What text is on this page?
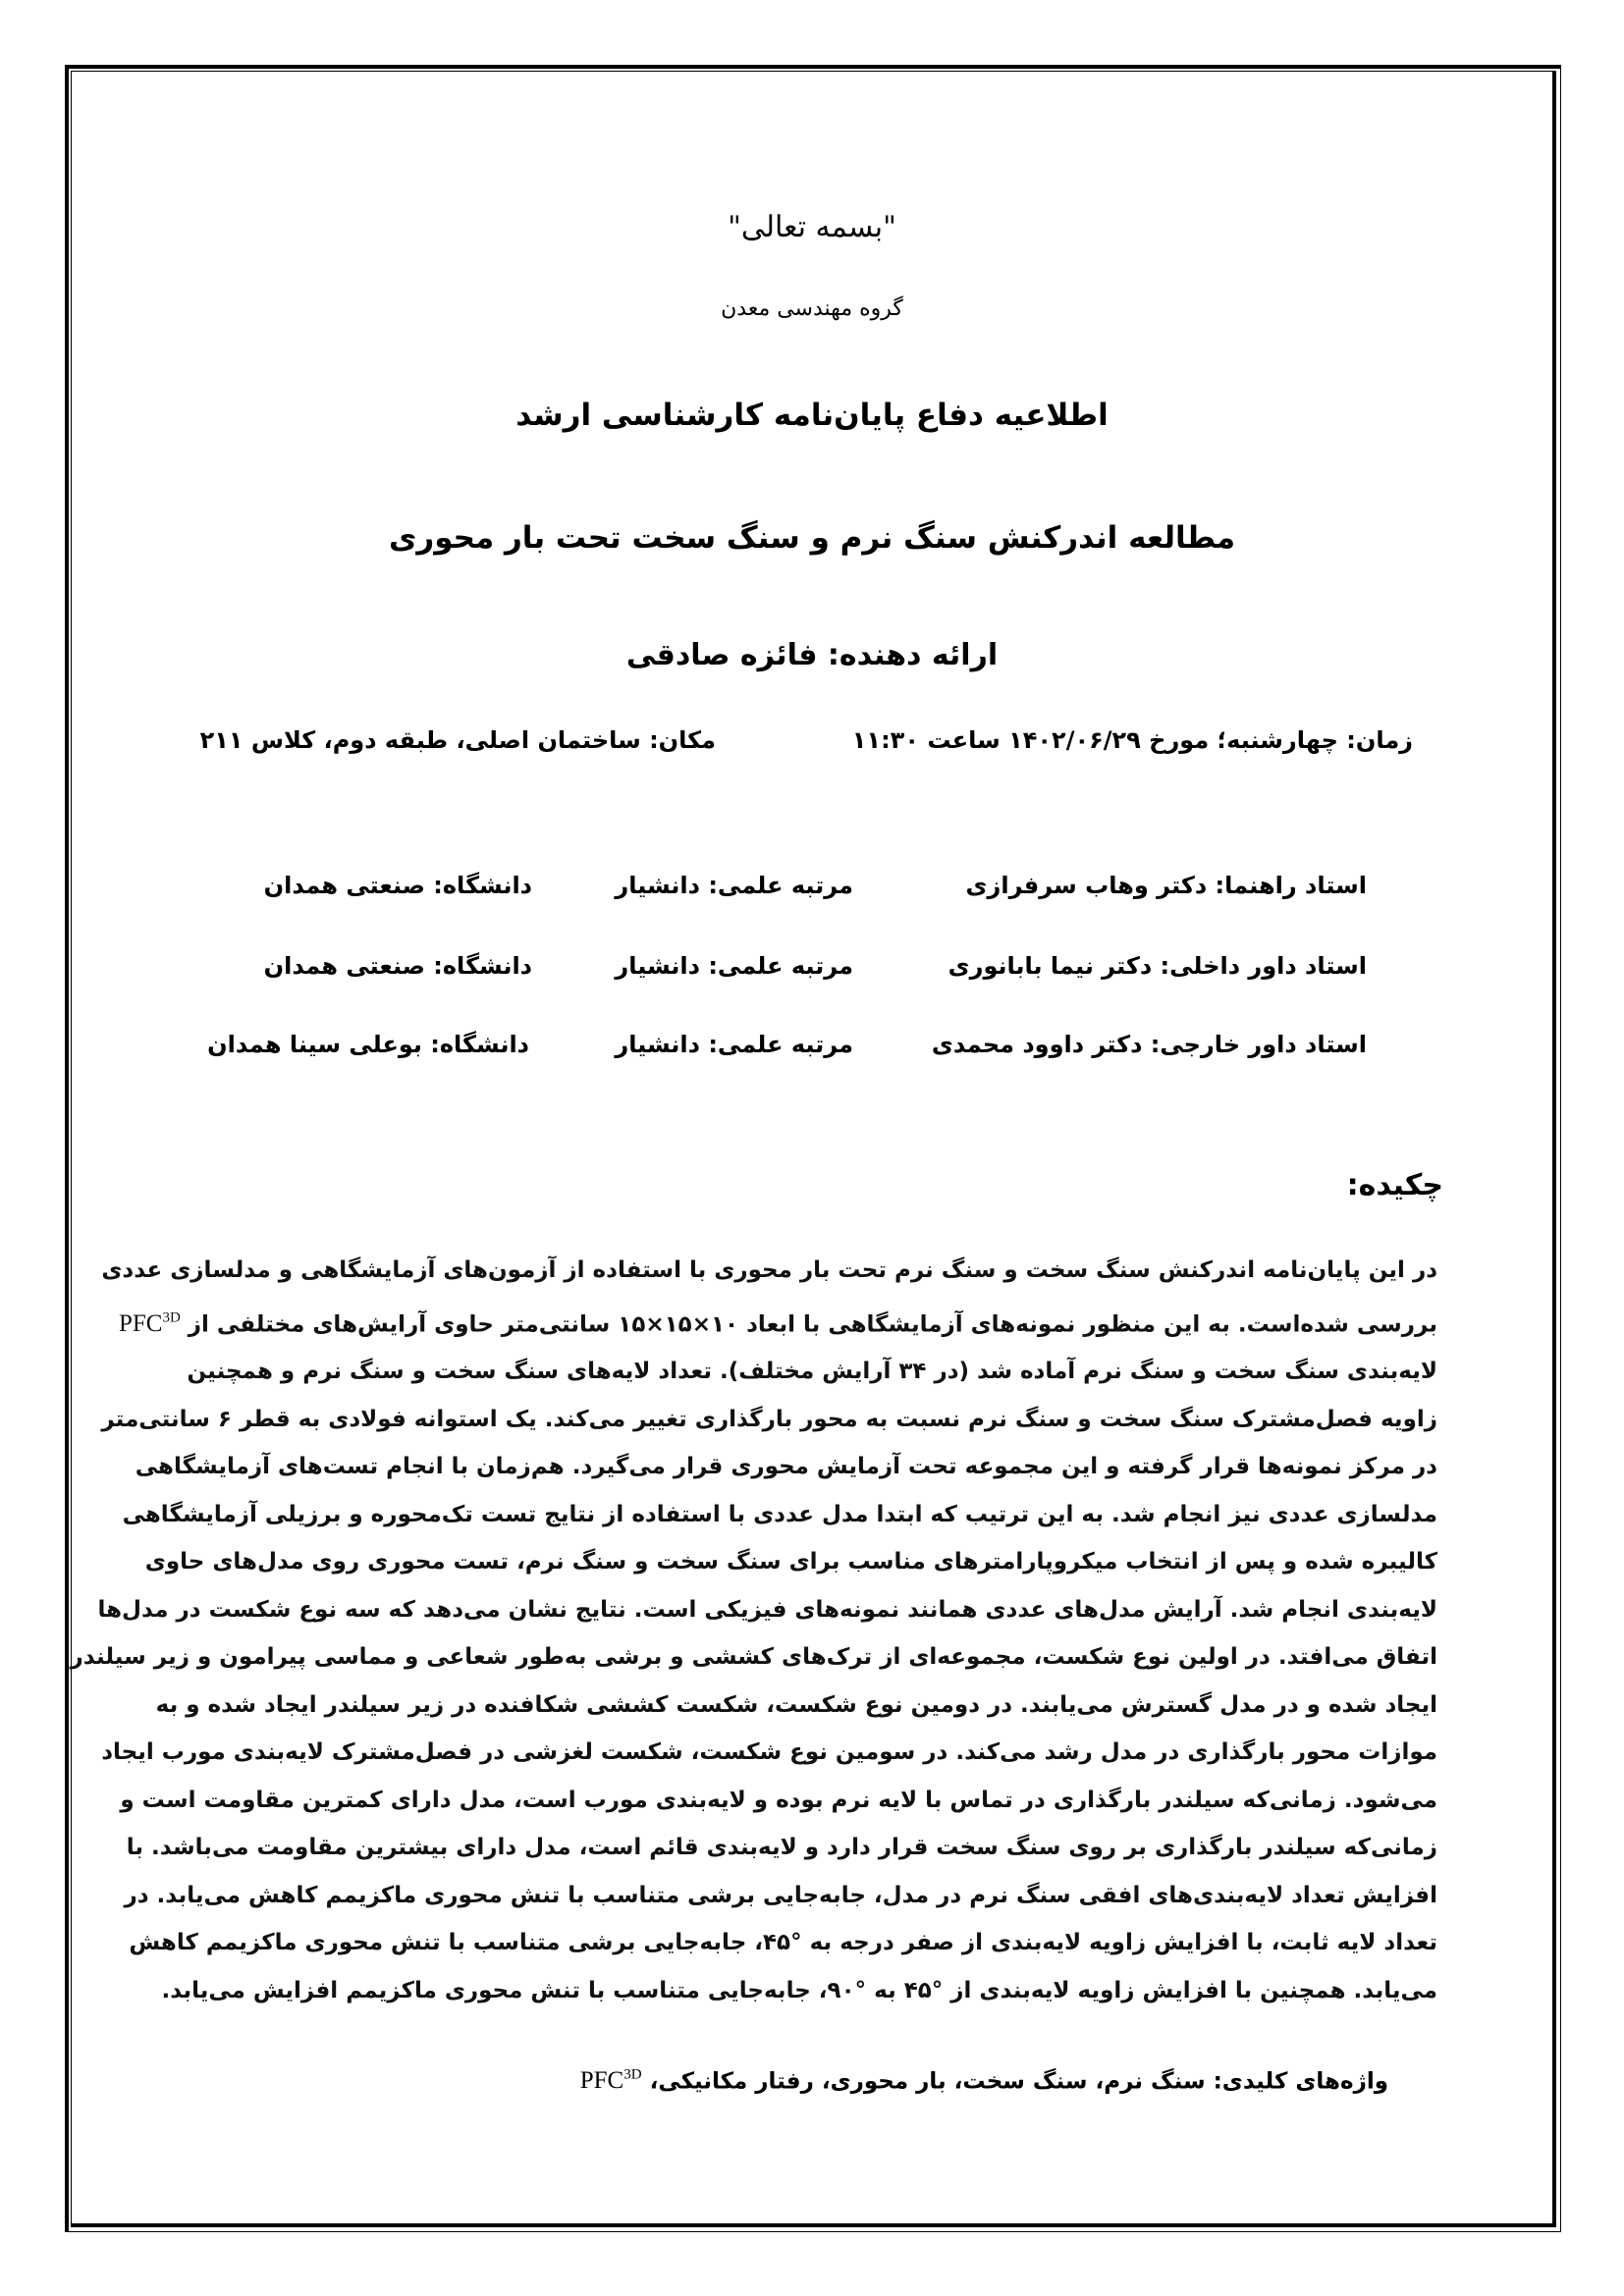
"بسمه تعالی"
گروه مهندسی معدن
اطلاعیه دفاع پایان‌نامه کارشناسی ارشد
مطالعه اندرکنش سنگ نرم و سنگ سخت تحت بار محوری
ارائه دهنده: فائزه صادقی
زمان: چهارشنبه؛ مورخ ۱۴۰۲/۰۶/۲۹ ساعت ۱۱:۳۰
مکان: ساختمان اصلی، طبقه دوم، کلاس ۲۱۱
استاد راهنما: دکتر وهاب سرفرازی
مرتبه علمی: دانشیار
دانشگاه: صنعتی همدان
استاد داور داخلی: دکتر نیما بابانوری
مرتبه علمی: دانشیار
دانشگاه: صنعتی همدان
استاد داور خارجی: دکتر داوود محمدی
مرتبه علمی: دانشیار
دانشگاه: بوعلی سینا همدان
چکیده:
در این پایان‌نامه اندرکنش سنگ سخت و سنگ نرم تحت بار محوری با استفاده از آزمون‌های آزمایشگاهی و مدلسازی عددی
بررسی شده‌است. به این منظور نمونه‌های آزمایشگاهی با ابعاد ۱۰×۱۵×۱۵ سانتی‌متر حاوی آرایش‌های مختلفی از $PFC^{3D}$
لایه‌بندی سنگ سخت و سنگ نرم آماده شد (در ۳۴ آرایش مختلف). تعداد لایه‌های سنگ سخت و سنگ نرم و همچنین
زاویه فصل‌مشترک سنگ سخت و سنگ نرم نسبت به محور بارگذاری تغییر می‌کند. یک استوانه فولادی به قطر ۶ سانتی‌متر
در مرکز نمونه‌ها قرار گرفته و این مجموعه تحت آزمایش محوری قرار می‌گیرد. هم‌زمان با انجام تست‌های آزمایشگاهی
مدلسازی عددی نیز انجام شد. به این ترتیب که ابتدا مدل عددی با استفاده از نتایج تست تک‌محوره و برزیلی آزمایشگاهی
کالیبره شده و پس از انتخاب میکروپارامترهای مناسب برای سنگ سخت و سنگ نرم، تست محوری روی مدل‌های حاوی
لایه‌بندی انجام شد. آرایش مدل‌های عددی همانند نمونه‌های فیزیکی است. نتایج نشان می‌دهد که سه نوع شکست در مدل‌ها
اتفاق می‌افتد. در اولین نوع شکست، مجموعه‌ای از ترک‌های کششی و برشی به‌طور شعاعی و مماسی پیرامون و زیر سیلندر
ایجاد شده و در مدل گسترش می‌یابند. در دومین نوع شکست، شکست کششی شکافنده در زیر سیلندر ایجاد شده و به
موازات محور بارگذاری در مدل رشد می‌کند. در سومین نوع شکست، شکست لغزشی در فصل‌مشترک لایه‌بندی مورب ایجاد
می‌شود. زمانی‌که سیلندر بارگذاری در تماس با لایه نرم بوده و لایه‌بندی مورب است، مدل دارای کمترین مقاومت است و
زمانی‌که سیلندر بارگذاری بر روی سنگ سخت قرار دارد و لایه‌بندی قائم است، مدل دارای بیشترین مقاومت می‌باشد. با
افزایش تعداد لایه‌بندی‌های افقی سنگ نرم در مدل، جابه‌جایی برشی متناسب با تنش محوری ماکزیمم کاهش می‌یابد. در
تعداد لایه ثابت، با افزایش زاویه لایه‌بندی از صفر درجه به °۴۵، جابه‌جایی برشی متناسب با تنش محوری ماکزیمم کاهش
می‌یابد. همچنین با افزایش زاویه لایه‌بندی از °۴۵ به °۹۰، جابه‌جایی متناسب با تنش محوری ماکزیمم افزایش می‌یابد.
واژه‌های کلیدی: سنگ نرم، سنگ سخت، بار محوری، رفتار مکانیکی، $PFC^{3D}$
